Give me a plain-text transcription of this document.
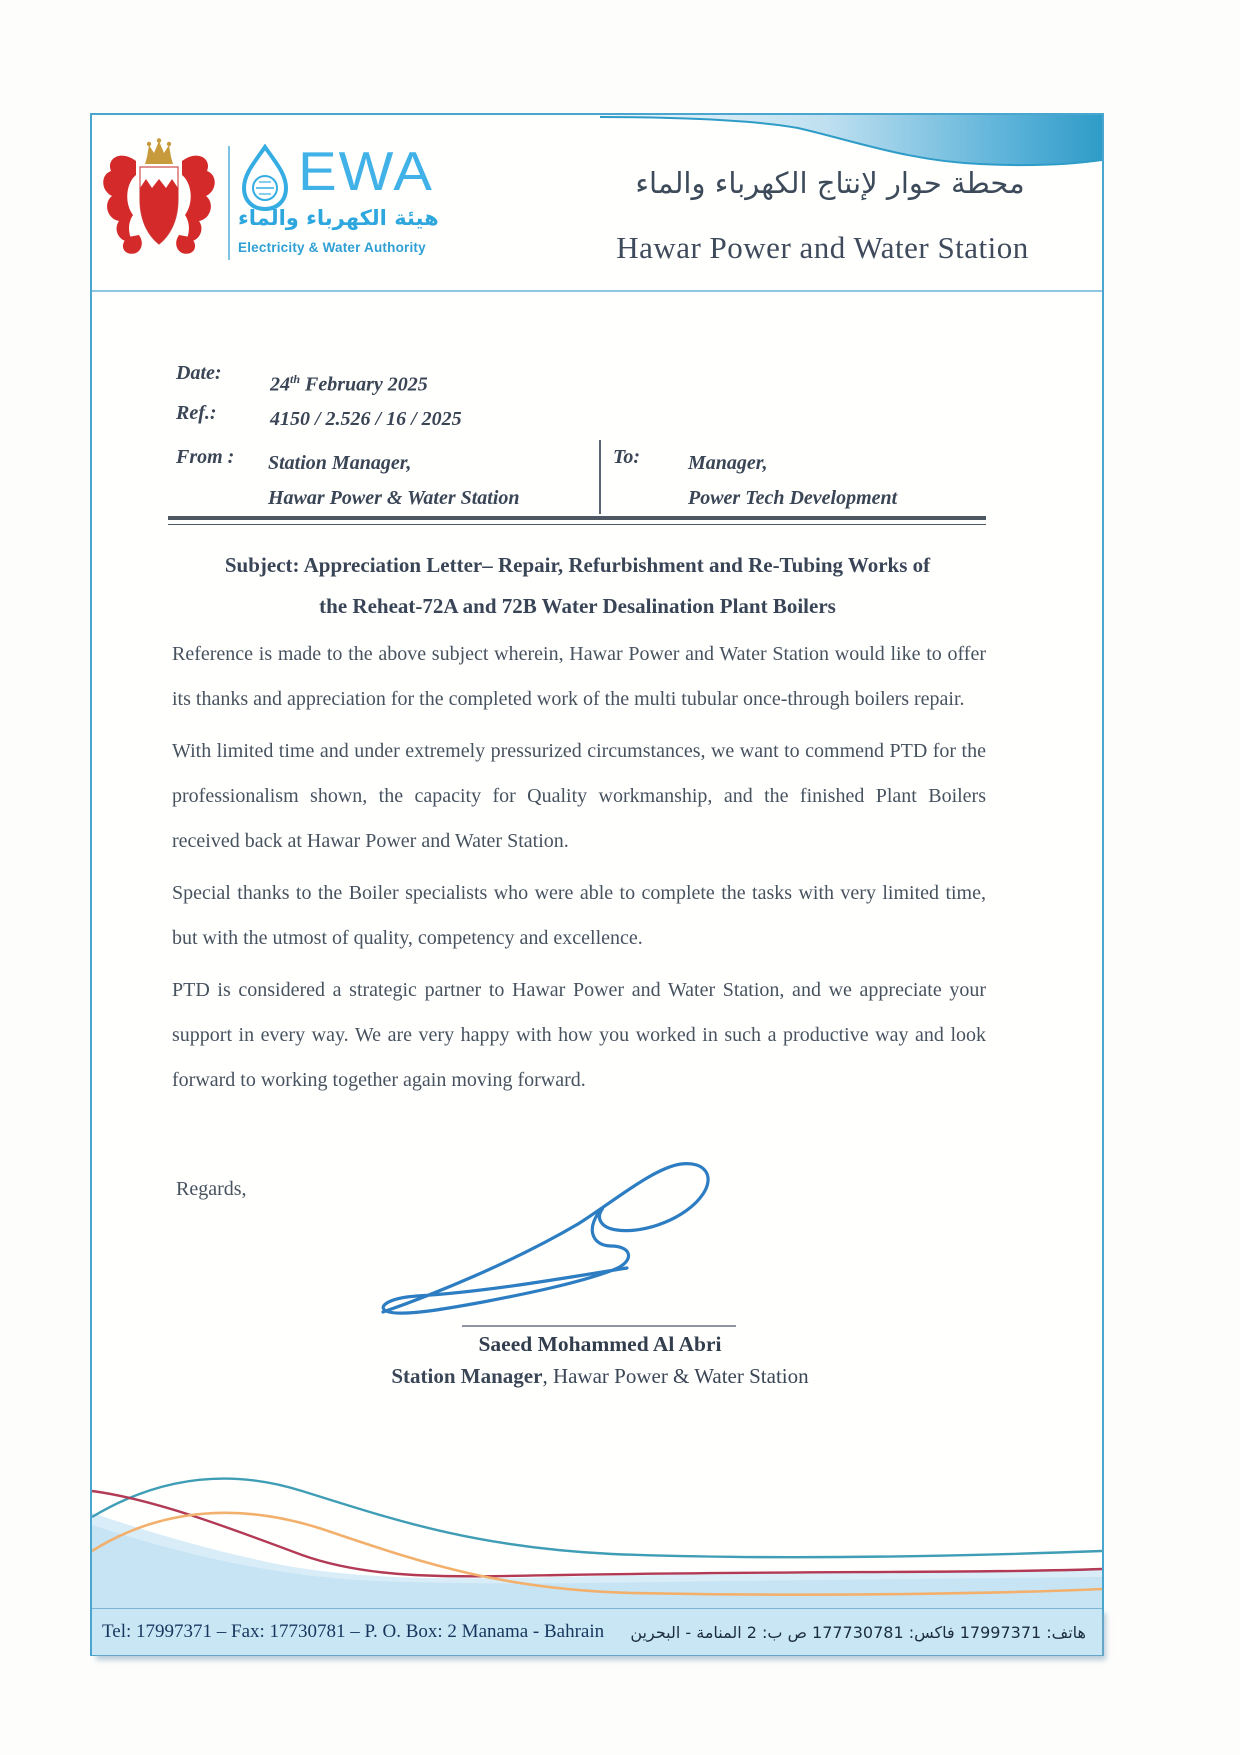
EWA
هيئة الكهرباء والماء
Electricity & Water Authority
محطة حوار لإنتاج الكهرباء والماء
Hawar Power and Water Station
Date:
24th February 2025
Ref.:	4150 / 2.526 / 16 / 2025
From : Station Manager,
Hawar Power & Water Station
To: Manager,
Power Tech Development
Subject: Appreciation Letter– Repair, Refurbishment and Re-Tubing Works of
the Reheat-72A and 72B Water Desalination Plant Boilers

Reference is made to the above subject wherein, Hawar Power and Water Station would like to offer its thanks and appreciation for the completed work of the multi tubular once-through boilers repair.

With limited time and under extremely pressurized circumstances, we want to commend PTD for the professionalism shown, the capacity for Quality workmanship, and the finished Plant Boilers received back at Hawar Power and Water Station.

Special thanks to the Boiler specialists who were able to complete the tasks with very limited time, but with the utmost of quality, competency and excellence.

PTD is considered a strategic partner to Hawar Power and Water Station, and we appreciate your support in every way. We are very happy with how you worked in such a productive way and look forward to working together again moving forward.

Regards,
Saeed Mohammed Al Abri
Station Manager, Hawar Power & Water Station
Tel: 17997371 – Fax: 17730781 – P. O. Box: 2 Manama - Bahrain هاتف: 17997371 فاكس: 177730781 ص ب: 2 المنامة - البحرين
